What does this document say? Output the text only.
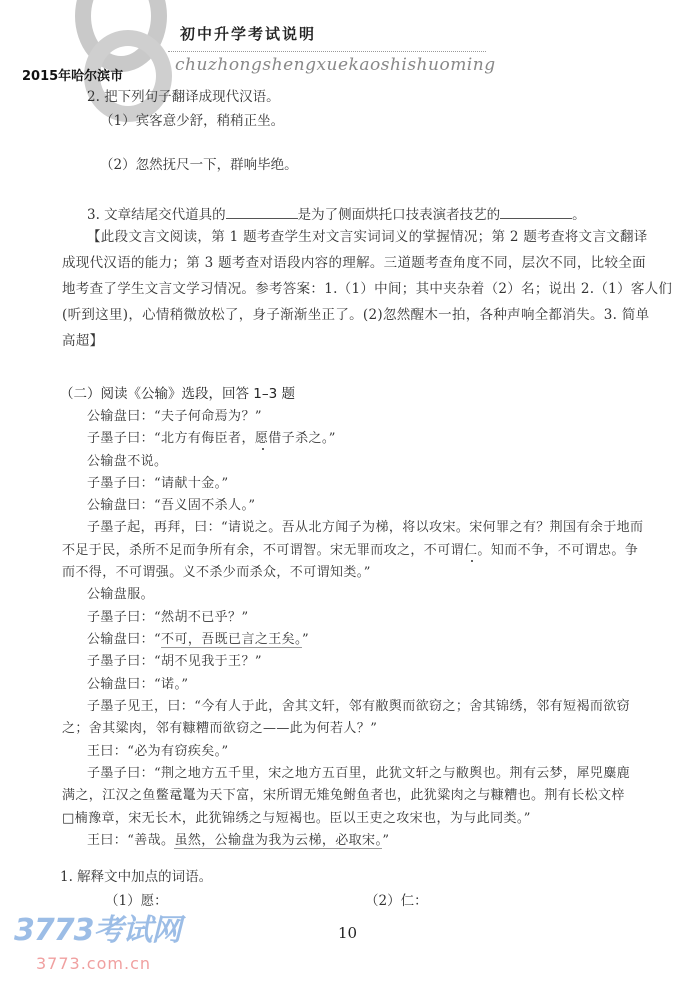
初中升学考试说明
chuzhongshengxuekaoshishuoming
2015年哈尔滨市
2. 把下列句子翻译成现代汉语。
（1）宾客意少舒，稍稍正坐。
（2）忽然抚尺一下，群响毕绝。
3. 文章结尾交代道具的	是为了侧面烘托口技表演者技艺的	。
【此段文言文阅读，第 1 题考查学生对文言实词词义的掌握情况；第 2 题考查将文言文翻译
成现代汉语的能力；第 3 题考查对语段内容的理解。三道题考查角度不同，层次不同，比较全面
地考查了学生文言文学习情况。参考答案：1.（1）中间；其中夹杂着（2）名；说出 2.（1）客人们
(听到这里)，心情稍微放松了，身子渐渐坐正了。(2)忽然醒木一拍，各种声响全都消失。3. 简单
高超】
（二）阅读《公输》选段，回答 1–3 题
公输盘曰：“夫子何命焉为？”
子墨子曰：“北方有侮臣者，愿借子杀之。”
公输盘不说。
子墨子曰：“请献十金。”
公输盘曰：“吾义固不杀人。”
子墨子起，再拜，曰：“请说之。吾从北方闻子为梯，将以攻宋。宋何罪之有？荆国有余于地而
不足于民，杀所不足而争所有余，不可谓智。宋无罪而攻之，不可谓仁。知而不争，不可谓忠。争
而不得，不可谓强。义不杀少而杀众，不可谓知类。”
公输盘服。
子墨子曰：“然胡不已乎？”
公输盘曰：“不可，吾既已言之王矣。”
子墨子曰：“胡不见我于王？”
公输盘曰：“诺。”
子墨子见王，曰：“今有人于此，舍其文轩，邻有敝舆而欲窃之；舍其锦绣，邻有短褐而欲窃
之；舍其粱肉，邻有糠糟而欲窃之——此为何若人？”
王曰：“必为有窃疾矣。”
子墨子曰：“荆之地方五千里，宋之地方五百里，此犹文轩之与敝舆也。荆有云梦，犀兕麋鹿
满之，江汉之鱼鳖鼋鼍为天下富，宋所谓无雉兔鲋鱼者也，此犹粱肉之与糠糟也。荆有长松文梓
□楠豫章，宋无长木，此犹锦绣之与短褐也。臣以王吏之攻宋也，为与此同类。”
王曰：“善哉。虽然，公输盘为我为云梯，必取宋。”
1. 解释文中加点的词语。
（1）愿：	（2）仁：
10
3773考试网
3773.com.cn
